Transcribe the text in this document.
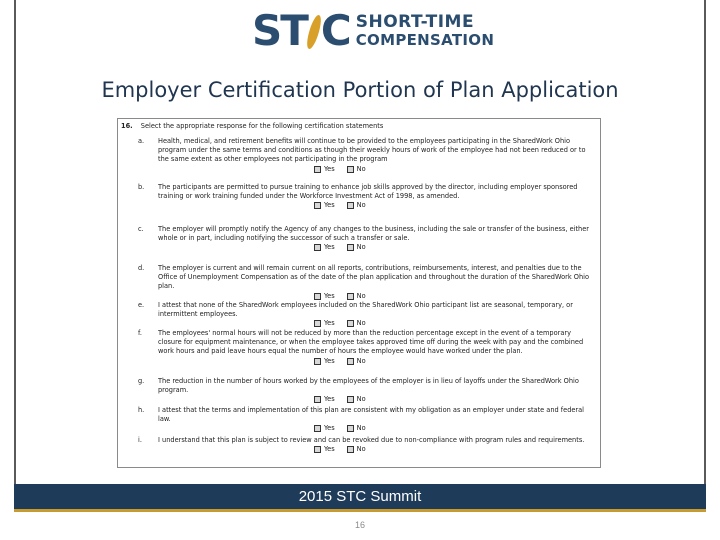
ST C SHORT-TIME
COMPENSATION
Employer Certification Portion of Plan Application
16. Select the appropriate response for the following certification statements
a.	Health, medical, and retirement benefits will continue to be provided to the employees participating in the SharedWork Ohio program under the same terms and conditions as though their weekly hours of work of the employee had not been reduced or to the same extent as other employees not participating in the program
Yes	No
b.	The participants are permitted to pursue training to enhance job skills approved by the director, including employer sponsored training or work training funded under the Workforce Investment Act of 1998, as amended.
Yes	No
c.	The employer will promptly notify the Agency of any changes to the business, including the sale or transfer of the business, either whole or in part, including notifying the successor of such a transfer or sale.
Yes	No
d.	The employer is current and will remain current on all reports, contributions, reimbursements, interest, and penalties due to the Office of Unemployment Compensation as of the date of the plan application and throughout the duration of the SharedWork Ohio plan.
Yes	No
e.	I attest that none of the SharedWork employees included on the SharedWork Ohio participant list are seasonal, temporary, or intermittent employees.
Yes	No
f.	The employees' normal hours will not be reduced by more than the reduction percentage except in the event of a temporary closure for equipment maintenance, or when the employee takes approved time off during the week with pay and the combined work hours and paid leave hours equal the number of hours the employee would have worked under the plan.
Yes	No
g.	The reduction in the number of hours worked by the employees of the employer is in lieu of layoffs under the SharedWork Ohio program.
Yes	No
h.	I attest that the terms and implementation of this plan are consistent with my obligation as an employer under state and federal law.
Yes	No
i.	I understand that this plan is subject to review and can be revoked due to non-compliance with program rules and requirements.
Yes	No
2015 STC Summit
16
